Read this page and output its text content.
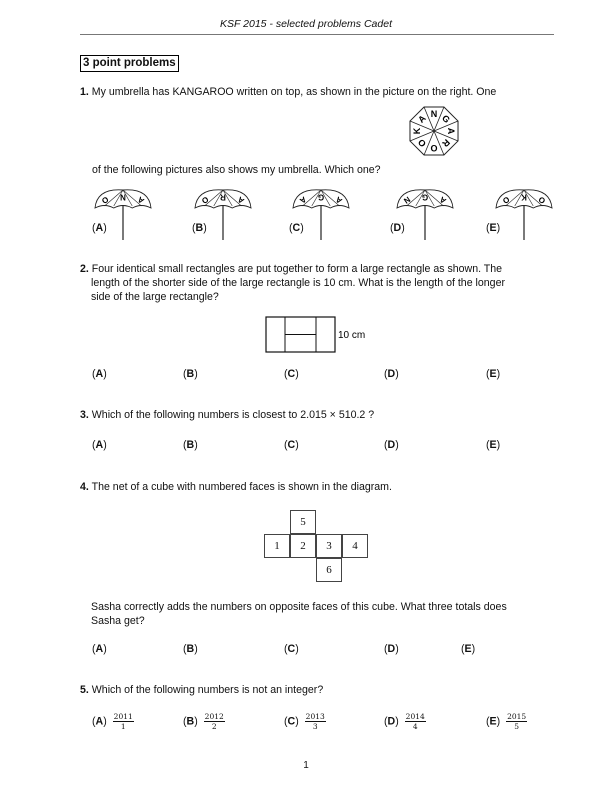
KSF 2015 - selected problems Cadet
3 point problems
1. My umbrella has KANGAROO written on top, as shown in the picture on the right. One
K
A N G
A
R
O
O
of the following pictures also shows my umbrella. Which one?
O N A	O R A	A G A	N G A	O K O
(A)	(B)	(C)	(D)	(E)
2. Four identical small rectangles are put together to form a large rectangle as shown. The
length of the shorter side of the large rectangle is 10 cm. What is the length of the longer
side of the large rectangle?
10 cm
(A)	(B)	(C)	(D)	(E)
3. Which of the following numbers is closest to 2.015 × 510.2 ?
(A)	(B)	(C)	(D)	(E)
4. The net of a cube with numbered faces is shown in the diagram.
5
1	2	3	4
6
Sasha correctly adds the numbers on opposite faces of this cube. What three totals does
Sasha get?
(A)	(B)	(C)	(D)	(E)
5. Which of the following numbers is not an integer?
$(A) \frac{2011}{1}$	$(B) \frac{2012}{2}$	$(C) \frac{2013}{3}$	$(D) \frac{2014}{4}$	$(E) \frac{2015}{5}$
1
